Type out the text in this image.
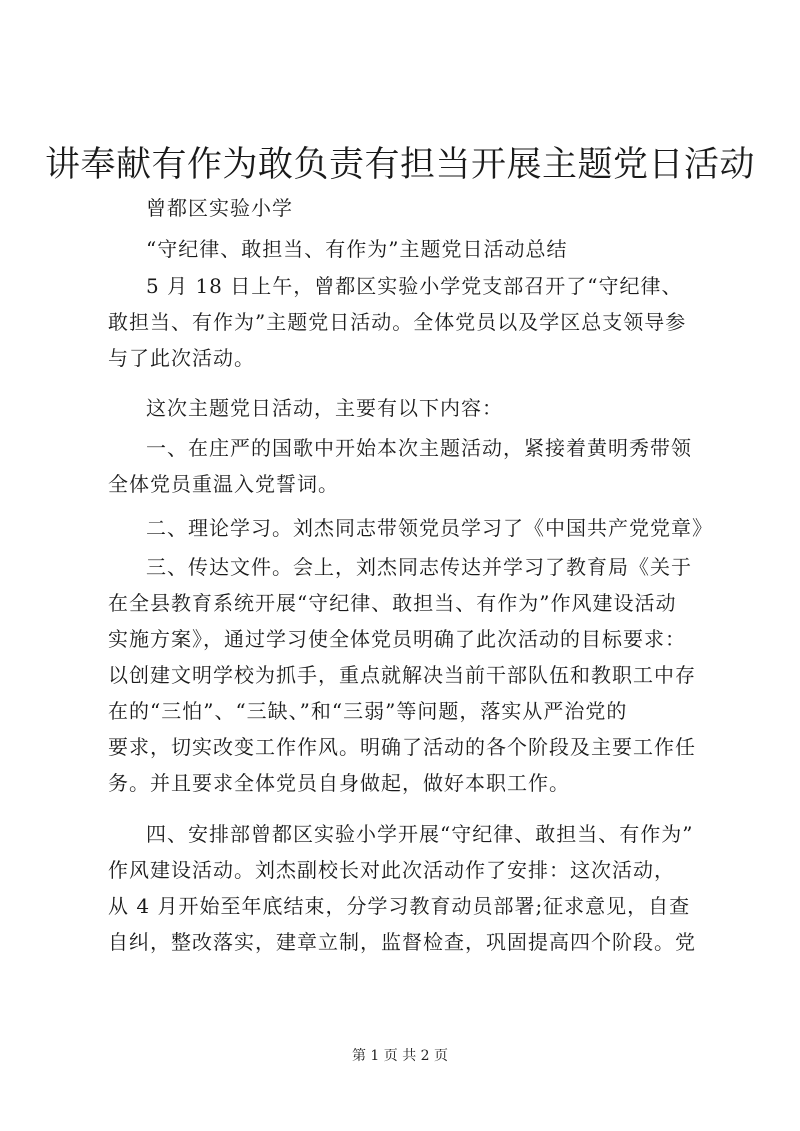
讲奉献有作为敢负责有担当开展主题党日活动

曾都区实验小学

“守纪律、敢担当、有作为”主题党日活动总结

5 月 18 日上午，曾都区实验小学党支部召开了“守纪律、
敢担当、有作为”主题党日活动。全体党员以及学区总支领导参
与了此次活动。

这次主题党日活动，主要有以下内容：

一、在庄严的国歌中开始本次主题活动，紧接着黄明秀带领
全体党员重温入党誓词。

二、理论学习。刘杰同志带领党员学习了《中国共产党党章》

三、传达文件。会上，刘杰同志传达并学习了教育局《关于
在全县教育系统开展“守纪律、敢担当、有作为”作风建设活动
实施方案》，通过学习使全体党员明确了此次活动的目标要求：
以创建文明学校为抓手，重点就解决当前干部队伍和教职工中存
在的“三怕”、“三缺、”和“三弱”等问题，落实从严治党的
要求，切实改变工作作风。明确了活动的各个阶段及主要工作任
务。并且要求全体党员自身做起，做好本职工作。

四、安排部曾都区实验小学开展“守纪律、敢担当、有作为”
作风建设活动。刘杰副校长对此次活动作了安排：这次活动，
从 4 月开始至年底结束，分学习教育动员部署;征求意见，自查
自纠，整改落实，建章立制，监督检查，巩固提高四个阶段。党

第 1 页 共 2 页
